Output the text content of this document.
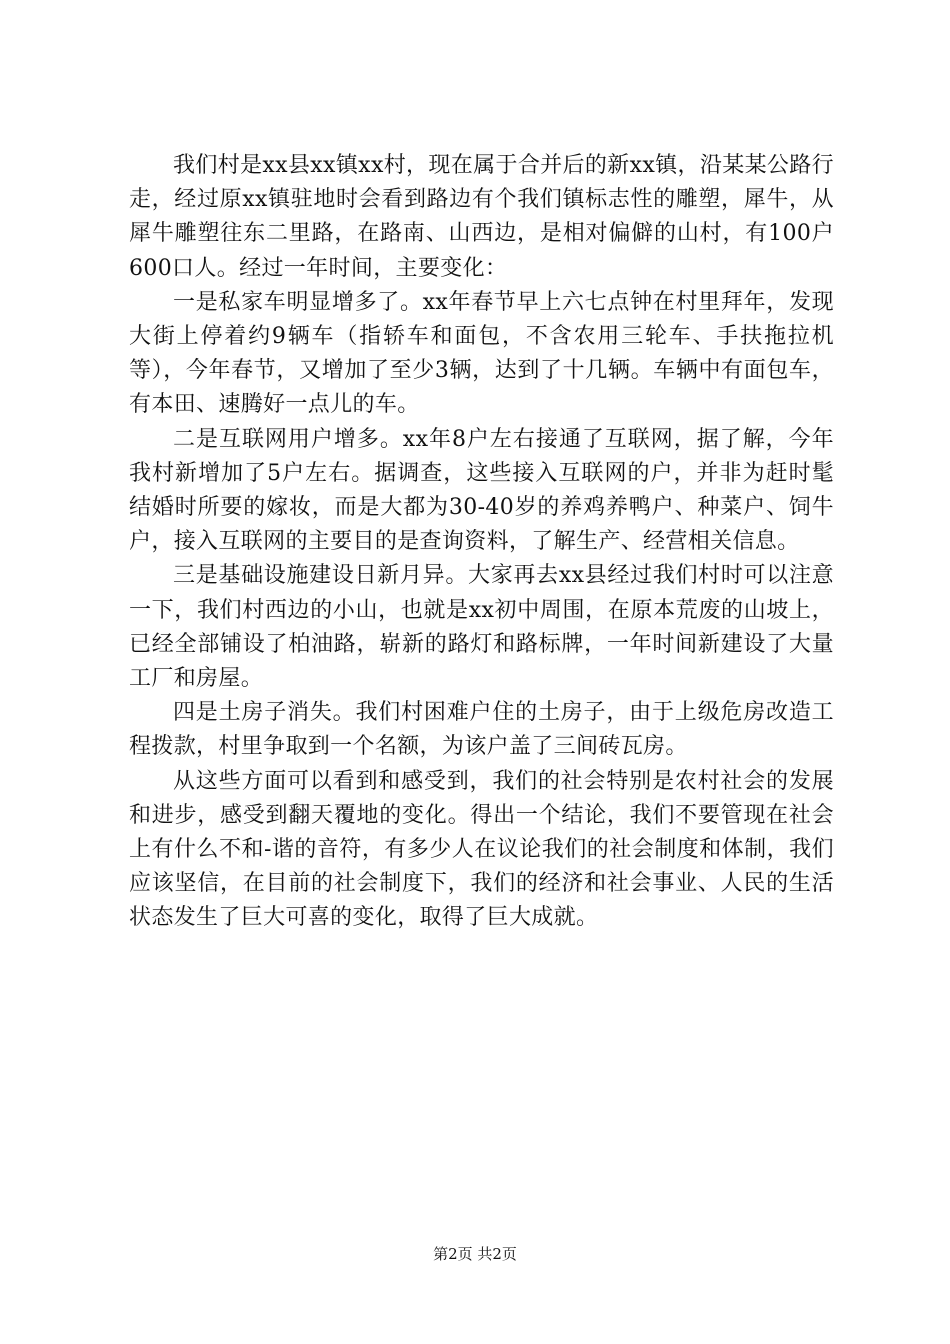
我们村是xx县xx镇xx村，现在属于合并后的新xx镇，沿某某公路行走，经过原xx镇驻地时会看到路边有个我们镇标志性的雕塑，犀牛，从犀牛雕塑往东二里路，在路南、山西边，是相对偏僻的山村，有100户600口人。经过一年时间，主要变化：

一是私家车明显增多了。xx年春节早上六七点钟在村里拜年，发现大街上停着约9辆车（指轿车和面包，不含农用三轮车、手扶拖拉机等），今年春节，又增加了至少3辆，达到了十几辆。车辆中有面包车，有本田、速腾好一点儿的车。

二是互联网用户增多。xx年8户左右接通了互联网，据了解，今年我村新增加了5户左右。据调查，这些接入互联网的户，并非为赶时髦结婚时所要的嫁妆，而是大都为30-40岁的养鸡养鸭户、种菜户、饲牛户，接入互联网的主要目的是查询资料，了解生产、经营相关信息。

三是基础设施建设日新月异。大家再去xx县经过我们村时可以注意一下，我们村西边的小山，也就是xx初中周围，在原本荒废的山坡上，已经全部铺设了柏油路，崭新的路灯和路标牌，一年时间新建设了大量工厂和房屋。

四是土房子消失。我们村困难户住的土房子，由于上级危房改造工程拨款，村里争取到一个名额，为该户盖了三间砖瓦房。

从这些方面可以看到和感受到，我们的社会特别是农村社会的发展和进步，感受到翻天覆地的变化。得出一个结论，我们不要管现在社会上有什么不和-谐的音符，有多少人在议论我们的社会制度和体制，我们应该坚信，在目前的社会制度下，我们的经济和社会事业、人民的生活状态发生了巨大可喜的变化，取得了巨大成就。

第2页 共2页
